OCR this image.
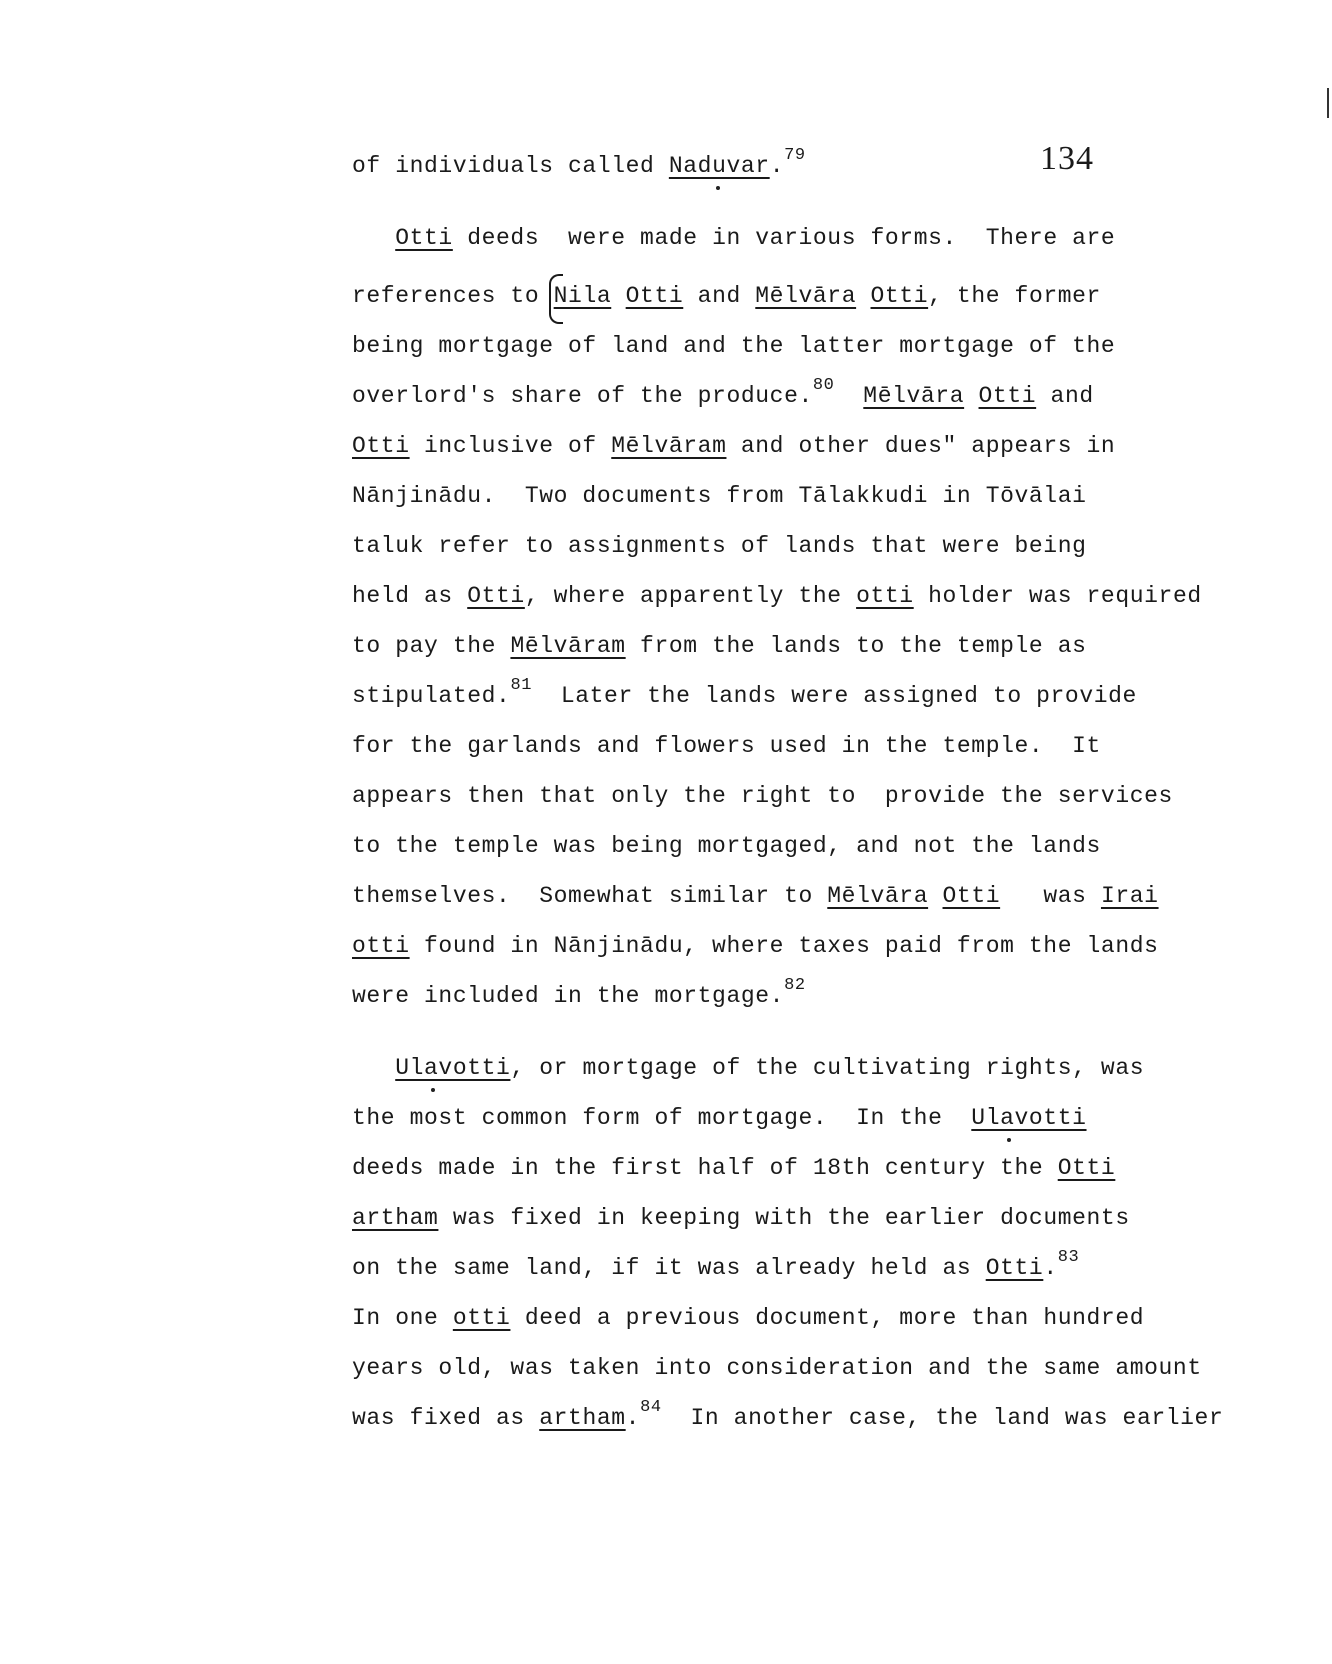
134
of individuals called Naduvar.$^{79}$
Otti deeds  were made in various forms.  There are
references to Nila Otti and Mēlvāra Otti, the former
being mortgage of land and the latter mortgage of the
overlord's share of the produce.$^{80}$ Mēlvāra Otti and
Otti inclusive of Mēlvāram and other dues" appears in
Nānjinādu.  Two documents from Tālakkudi in Tōvālai
taluk refer to assignments of lands that were being
held as Otti, where apparently the otti holder was required
to pay the Mēlvāram from the lands to the temple as
stipulated.$^{81}$  Later the lands were assigned to provide
for the garlands and flowers used in the temple.  It
appears then that only the right to  provide the services
to the temple was being mortgaged, and not the lands
themselves.  Somewhat similar to Mēlvāra Otti   was Irai
otti found in Nānjinādu, where taxes paid from the lands
were included in the mortgage.$^{82}$
Ulavotti, or mortgage of the cultivating rights, was
the most common form of mortgage.  In the  Ulavotti
deeds made in the first half of 18th century the Otti
artham was fixed in keeping with the earlier documents
on the same land, if it was already held as Otti.$^{83}$
In one otti deed a previous document, more than hundred
years old, was taken into consideration and the same amount
was fixed as artham.$^{84}$  In another case, the land was earlier
